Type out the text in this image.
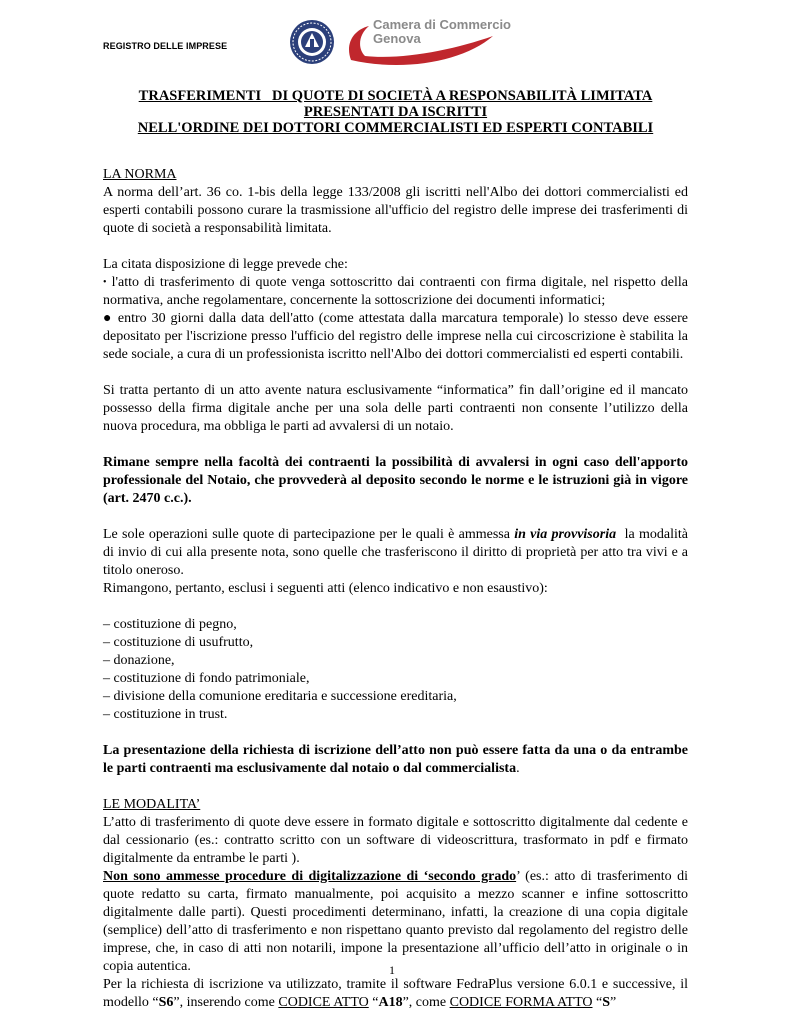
REGISTRO DELLE IMPRESE
Camera di Commercio
Genova
TRASFERIMENTI   DI QUOTE DI SOCIETÀ A RESPONSABILITÀ LIMITATA
PRESENTATI DA ISCRITTI
NELL'ORDINE DEI DOTTORI COMMERCIALISTI ED ESPERTI CONTABILI

LA NORMA

A norma dell’art. 36 co. 1-bis della legge 133/2008 gli iscritti nell'Albo dei dottori commercialisti ed esperti contabili possono curare la trasmissione all'ufficio del registro delle imprese dei trasferimenti di quote di società a responsabilità limitata.

La citata disposizione di legge prevede che:

• l'atto di trasferimento di quote venga sottoscritto dai contraenti con firma digitale, nel rispetto della normativa, anche regolamentare, concernente la sottoscrizione dei documenti informatici;

● entro 30 giorni dalla data dell'atto (come attestata dalla marcatura temporale) lo stesso deve essere depositato per l'iscrizione presso l'ufficio del registro delle imprese nella cui circoscrizione è stabilita la sede sociale, a cura di un professionista iscritto nell'Albo dei dottori commercialisti ed esperti contabili.

Si tratta pertanto di un atto avente natura esclusivamente “informatica” fin dall’origine ed il mancato possesso della firma digitale anche per una sola delle parti contraenti non consente l’utilizzo della nuova procedura, ma obbliga le parti ad avvalersi di un notaio.

Rimane sempre nella facoltà dei contraenti la possibilità di avvalersi in ogni caso dell'apporto professionale del Notaio, che provvederà al deposito secondo le norme e le istruzioni già in vigore (art. 2470 c.c.).

Le sole operazioni sulle quote di partecipazione per le quali è ammessa in via provvisoria  la modalità di invio di cui alla presente nota, sono quelle che trasferiscono il diritto di proprietà per atto tra vivi e a titolo oneroso.

Rimangono, pertanto, esclusi i seguenti atti (elenco indicativo e non esaustivo):

– costituzione di pegno,

– costituzione di usufrutto,

– donazione,

– costituzione di fondo patrimoniale,

– divisione della comunione ereditaria e successione ereditaria,

– costituzione in trust.

La presentazione della richiesta di iscrizione dell’atto non può essere fatta da una o da entrambe le parti contraenti ma esclusivamente dal notaio o dal commercialista.

LE MODALITA’

L’atto di trasferimento di quote deve essere in formato digitale e sottoscritto digitalmente dal cedente e dal cessionario (es.: contratto scritto con un software di videoscrittura, trasformato in pdf e firmato digitalmente da entrambe le parti ).

Non sono ammesse procedure di digitalizzazione di ‘secondo grado’ (es.: atto di trasferimento di quote redatto su carta, firmato manualmente, poi acquisito a mezzo scanner e infine sottoscritto digitalmente dalle parti). Questi procedimenti determinano, infatti, la creazione di una copia digitale (semplice) dell’atto di trasferimento e non rispettano quanto previsto dal regolamento del registro delle imprese, che, in caso di atti non notarili, impone la presentazione all’ufficio dell’atto in originale o in copia autentica.

Per la richiesta di iscrizione va utilizzato, tramite il software FedraPlus versione 6.0.1 e successive, il modello “S6”, inserendo come CODICE ATTO “A18”, come CODICE FORMA ATTO “S”

1
